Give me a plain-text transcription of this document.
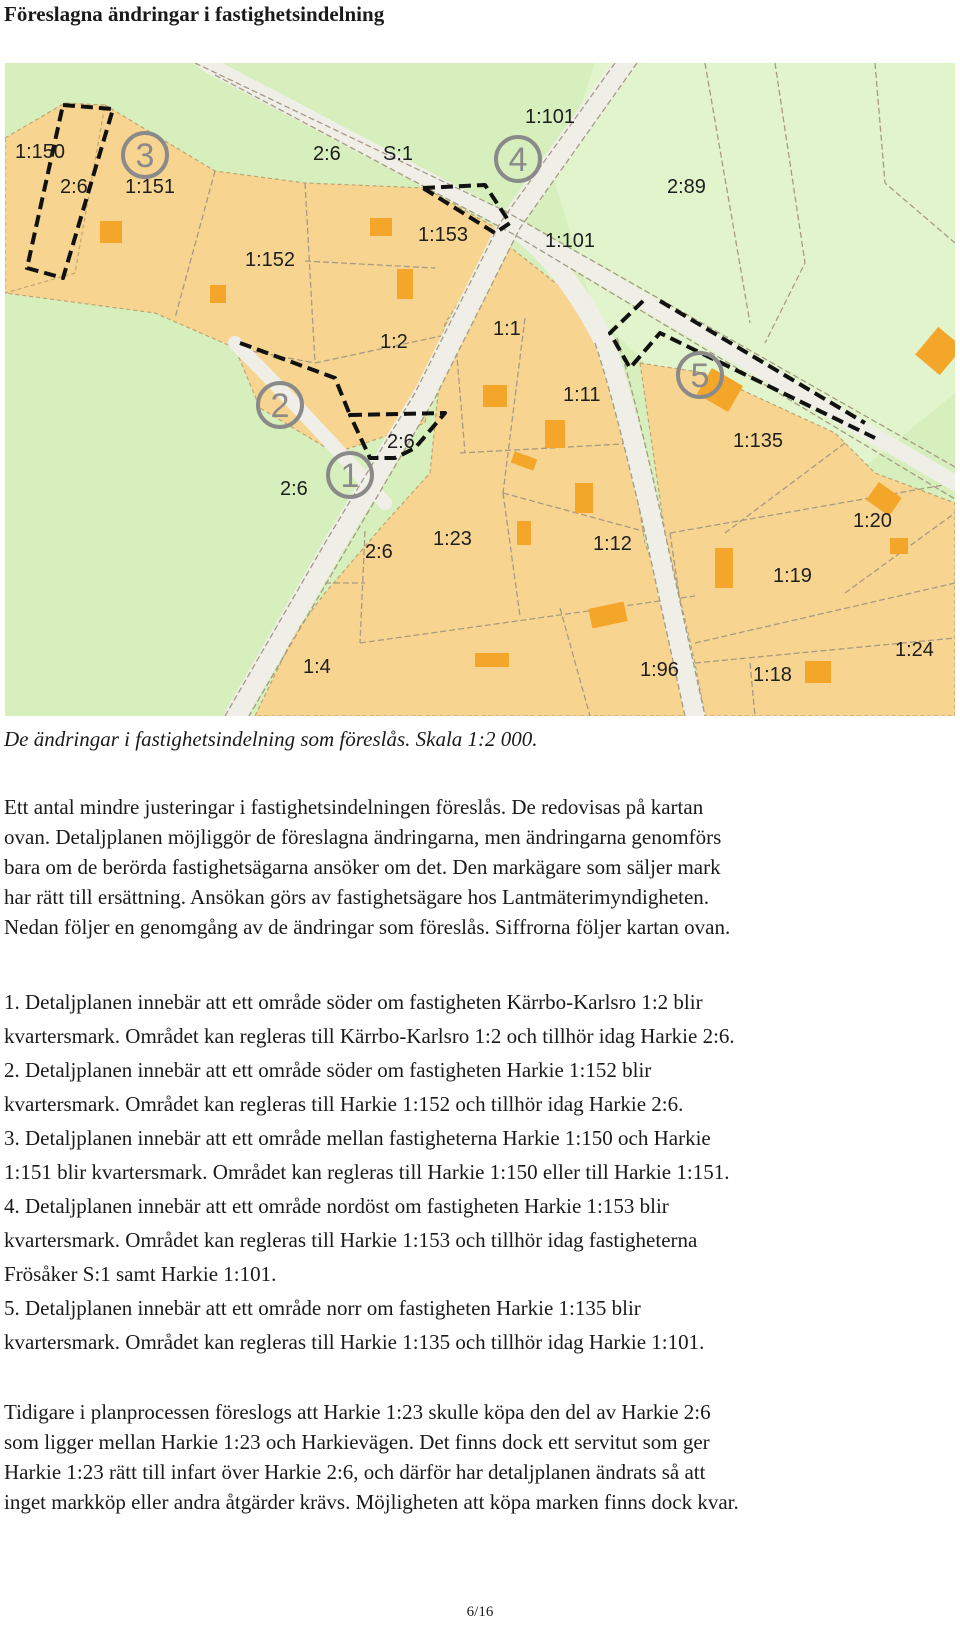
Föreslagna ändringar i fastighetsindelning
1
2
3	4
5
1:150
2:6 1:151
2:6 S:1
1:101
1:153	1:101
2:89
1:152
1:2
1:1
1:11
1:135
2:6
2:6
1:23	1:12
1:20
1:19
2:6
1:4	1:96	1:18
1:24

De ändringar i fastighetsindelning som föreslås. Skala 1:2 000.

Ett antal mindre justeringar i fastighetsindelningen föreslås. De redovisas på kartan
ovan. Detaljplanen möjliggör de föreslagna ändringarna, men ändringarna genomförs
bara om de berörda fastighetsägarna ansöker om det. Den markägare som säljer mark
har rätt till ersättning. Ansökan görs av fastighetsägare hos Lantmäterimyndigheten.
Nedan följer en genomgång av de ändringar som föreslås. Siffrorna följer kartan ovan.
1. Detaljplanen innebär att ett område söder om fastigheten Kärrbo-Karlsro 1:2 blir
kvartersmark. Området kan regleras till Kärrbo-Karlsro 1:2 och tillhör idag Harkie 2:6.
2. Detaljplanen innebär att ett område söder om fastigheten Harkie 1:152 blir
kvartersmark. Området kan regleras till Harkie 1:152 och tillhör idag Harkie 2:6.
3. Detaljplanen innebär att ett område mellan fastigheterna Harkie 1:150 och Harkie
1:151 blir kvartersmark. Området kan regleras till Harkie 1:150 eller till Harkie 1:151.
4. Detaljplanen innebär att ett område nordöst om fastigheten Harkie 1:153 blir
kvartersmark. Området kan regleras till Harkie 1:153 och tillhör idag fastigheterna
Frösåker S:1 samt Harkie 1:101.
5. Detaljplanen innebär att ett område norr om fastigheten Harkie 1:135 blir
kvartersmark. Området kan regleras till Harkie 1:135 och tillhör idag Harkie 1:101.
Tidigare i planprocessen föreslogs att Harkie 1:23 skulle köpa den del av Harkie 2:6
som ligger mellan Harkie 1:23 och Harkievägen. Det finns dock ett servitut som ger
Harkie 1:23 rätt till infart över Harkie 2:6, och därför har detaljplanen ändrats så att
inget markköp eller andra åtgärder krävs. Möjligheten att köpa marken finns dock kvar.
6/16
